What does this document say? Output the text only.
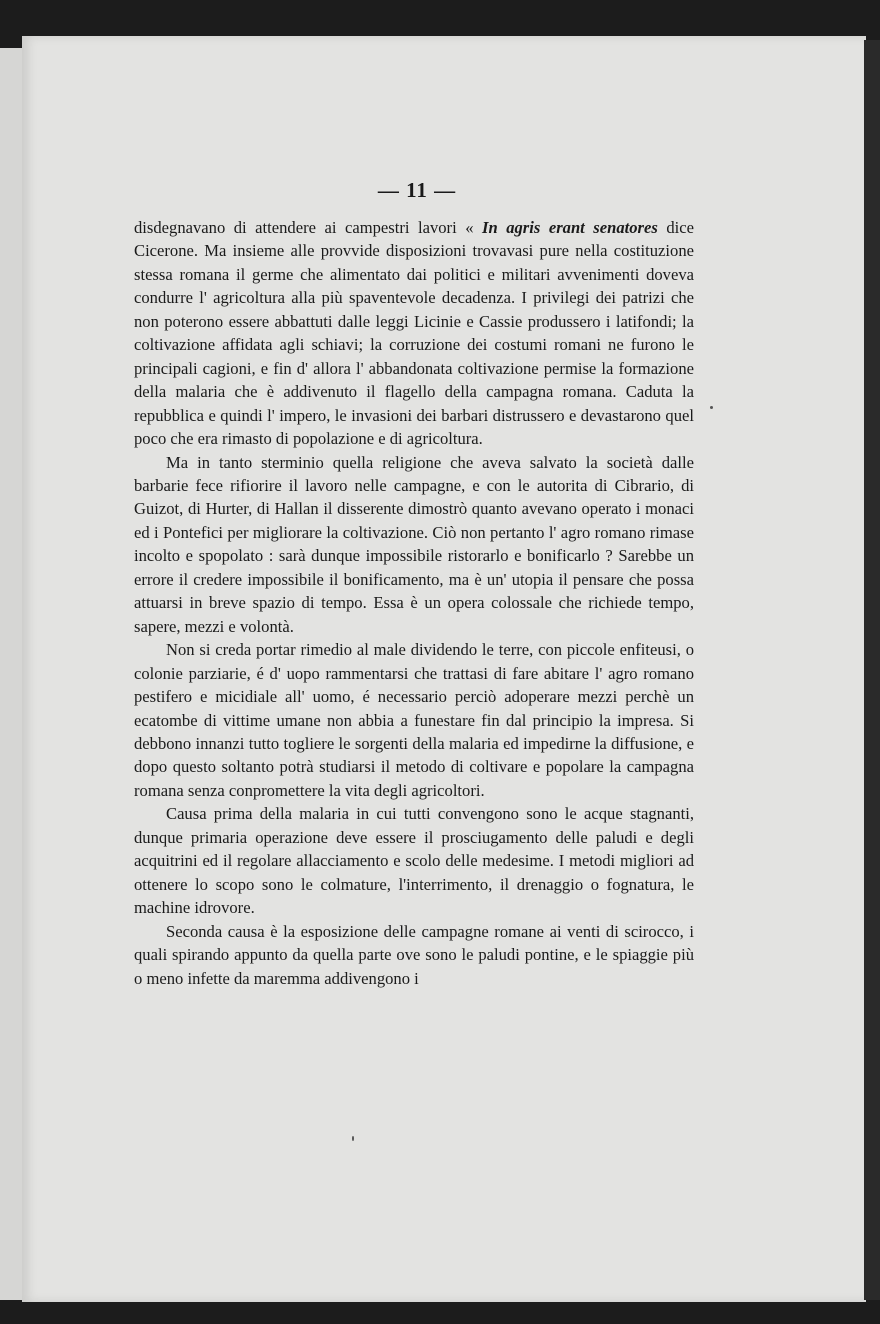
— 11 —

disdegnavano di attendere ai campestri lavori « In agris erant senatores dice Cicerone. Ma insieme alle provvide disposizioni trovavasi pure nella costituzione stessa romana il germe che alimentato dai politici e militari avvenimenti doveva condurre l' agricoltura alla più spaventevole decadenza. I privilegi dei patrizi che non poterono essere abbattuti dalle leggi Licinie e Cassie produssero i latifondi; la coltivazione affidata agli schiavi; la corruzione dei costumi romani ne furono le principali cagioni, e fin d' allora l' abbandonata coltivazione permise la formazione della malaria che è addivenuto il flagello della campagna romana. Caduta la repubblica e quindi l' impero, le invasioni dei barbari distrussero e devastarono quel poco che era rimasto di popolazione e di agricoltura.

Ma in tanto sterminio quella religione che aveva salvato la società dalle barbarie fece rifiorire il lavoro nelle campagne, e con le autorita di Cibrario, di Guizot, di Hurter, di Hallan il disserente dimostrò quanto avevano operato i monaci ed i Pontefici per migliorare la coltivazione. Ciò non pertanto l' agro romano rimase incolto e spopolato : sarà dunque impossibile ristorarlo e bonificarlo ? Sarebbe un errore il credere impossibile il bonificamento, ma è un' utopia il pensare che possa attuarsi in breve spazio di tempo. Essa è un opera colossale che richiede tempo, sapere, mezzi e volontà.

Non si creda portar rimedio al male dividendo le terre, con piccole enfiteusi, o colonie parziarie, é d' uopo rammentarsi che trattasi di fare abitare l' agro romano pestifero e micidiale all' uomo, é necessario perciò adoperare mezzi perchè un ecatombe di vittime umane non abbia a funestare fin dal principio la impresa. Si debbono innanzi tutto togliere le sorgenti della malaria ed impedirne la diffusione, e dopo questo soltanto potrà studiarsi il metodo di coltivare e popolare la campagna romana senza conpromettere la vita degli agricoltori.

Causa prima della malaria in cui tutti convengono sono le acque stagnanti, dunque primaria operazione deve essere il prosciugamento delle paludi e degli acquitrini ed il regolare allacciamento e scolo delle medesime. I metodi migliori ad ottenere lo scopo sono le colmature, l'interrimento, il drenaggio o fognatura, le machine idrovore.

Seconda causa è la esposizione delle campagne romane ai venti di scirocco, i quali spirando appunto da quella parte ove sono le paludi pontine, e le spiaggie più o meno infette da maremma addivengono i
